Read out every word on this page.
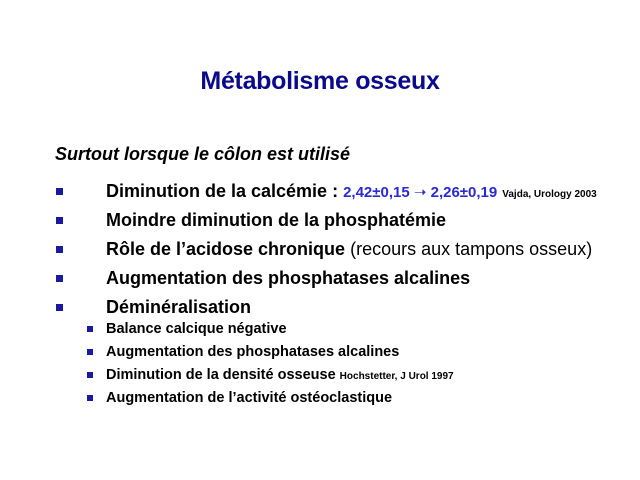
Métabolisme osseux
Surtout lorsque le côlon est utilisé
Diminution de la calcémie : 2,42±0,15 ➝ 2,26±0,19 Vajda, Urology 2003
Moindre diminution de la phosphatémie
Rôle de l’acidose chronique (recours aux tampons osseux)
Augmentation des phosphatases alcalines
Déminéralisation
Balance calcique négative
Augmentation des phosphatases alcalines
Diminution de la densité osseuse Hochstetter, J Urol 1997
Augmentation de l’activité ostéoclastique
